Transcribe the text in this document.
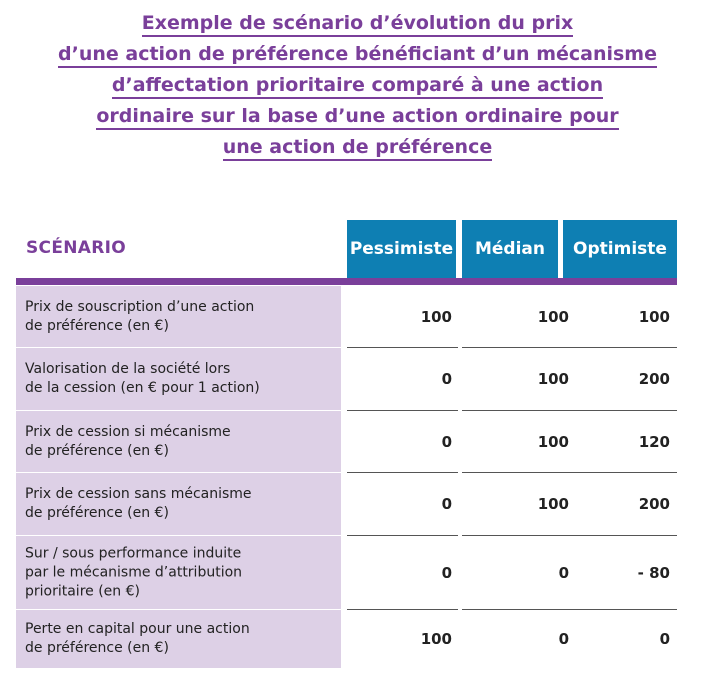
Exemple de scénario d’évolution du prix
d’une action de préférence bénéficiant d’un mécanisme
d’affectation prioritaire comparé à une action
ordinaire sur la base d’une action ordinaire pour
une action de préférence
SCÉNARIO	Pessimiste	Médian	Optimiste
Prix de souscription d’une action
de préférence (en €)	100	100	100
Valorisation de la société lors
de la cession (en € pour 1 action)	0	100	200
Prix de cession si mécanisme
de préférence (en €)	0	100	120
Prix de cession sans mécanisme
de préférence (en €)	0	100	200
Sur / sous performance induite
par le mécanisme d’attribution
prioritaire (en €)
0	0	- 80
Perte en capital pour une action
de préférence (en €)	100	0	0
